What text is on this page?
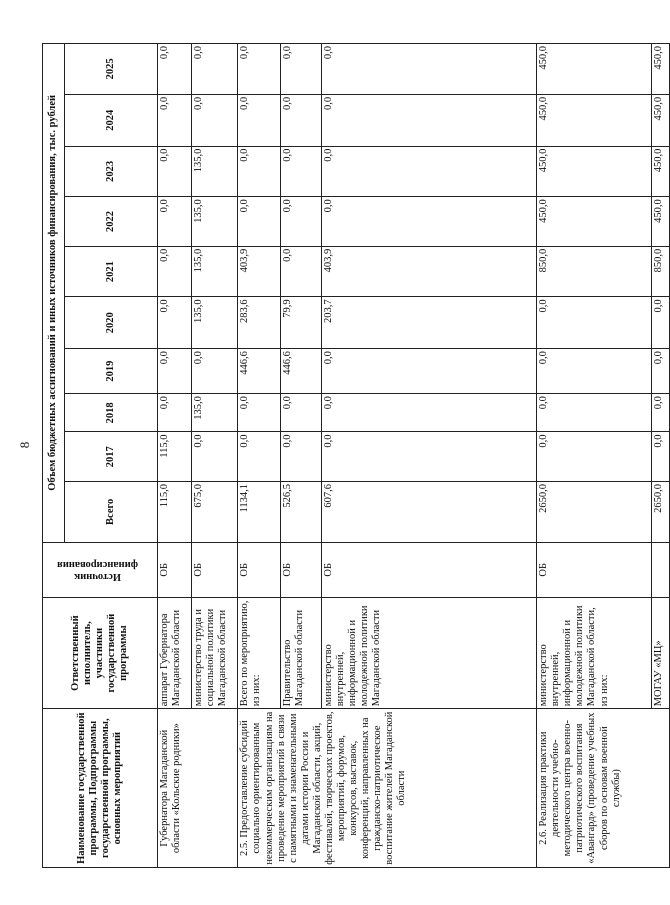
8
Наименование государственной программы, Подпрограммы государственной программы, основных мероприятий	Ответственный исполнитель, участники государственной программы	Источник финансирования	Объем бюджетных ассигнований и иных источников финансирования, тыс. рублей									
			Всего	2017	2018	2019	2020	2021	2022	2023	2024	2025
Губернатора Магаданской области «Кольские родники»	аппарат Губернатора Магаданской области	ОБ	115,0	115,0	0,0	0,0	0,0	0,0	0,0	0,0	0,0	0,0
	министерство труда и социальной политики Магаданской области	ОБ	675,0	0,0	135,0	0,0	135,0	135,0	135,0	135,0	0,0	0,0
2.5. Предоставление субсидий социально ориентированным некоммерческим организациям на проведение мероприятий в связи с памятными и знаменательными датами истории России и Магаданской области, акций, фестивалей, творческих проектов, мероприятий, форумов, конкурсов, выставок, конференций, направленных на гражданско-патриотическое воспитание жителей Магаданской области	Всего по мероприятию, из них:	ОБ	1134,1	0,0	0,0	446,6	283,6	403,9	0,0	0,0	0,0	0,0
	Правительство Магаданской области	ОБ	526,5	0,0	0,0	446,6	79,9	0,0	0,0	0,0	0,0	0,0
	министерство внутренней, информационной и молодежной политики Магаданской области	ОБ	607,6	0,0	0,0	0,0	203,7	403,9	0,0	0,0	0,0	0,0
2.6. Реализация практики деятельности учебно-методического центра военно-патриотического воспитания «Авангард» (проведение учебных сборов по основам военной службы)	министерство внутренней, информационной и молодежной политики Магаданской области, из них:	ОБ	2650,0	0,0	0,0	0,0	0,0	850,0	450,0	450,0	450,0	450,0
	МОГАУ «МЦ»		2650,0	0,0	0,0	0,0	0,0	850,0	450,0	450,0	450,0	450,0
